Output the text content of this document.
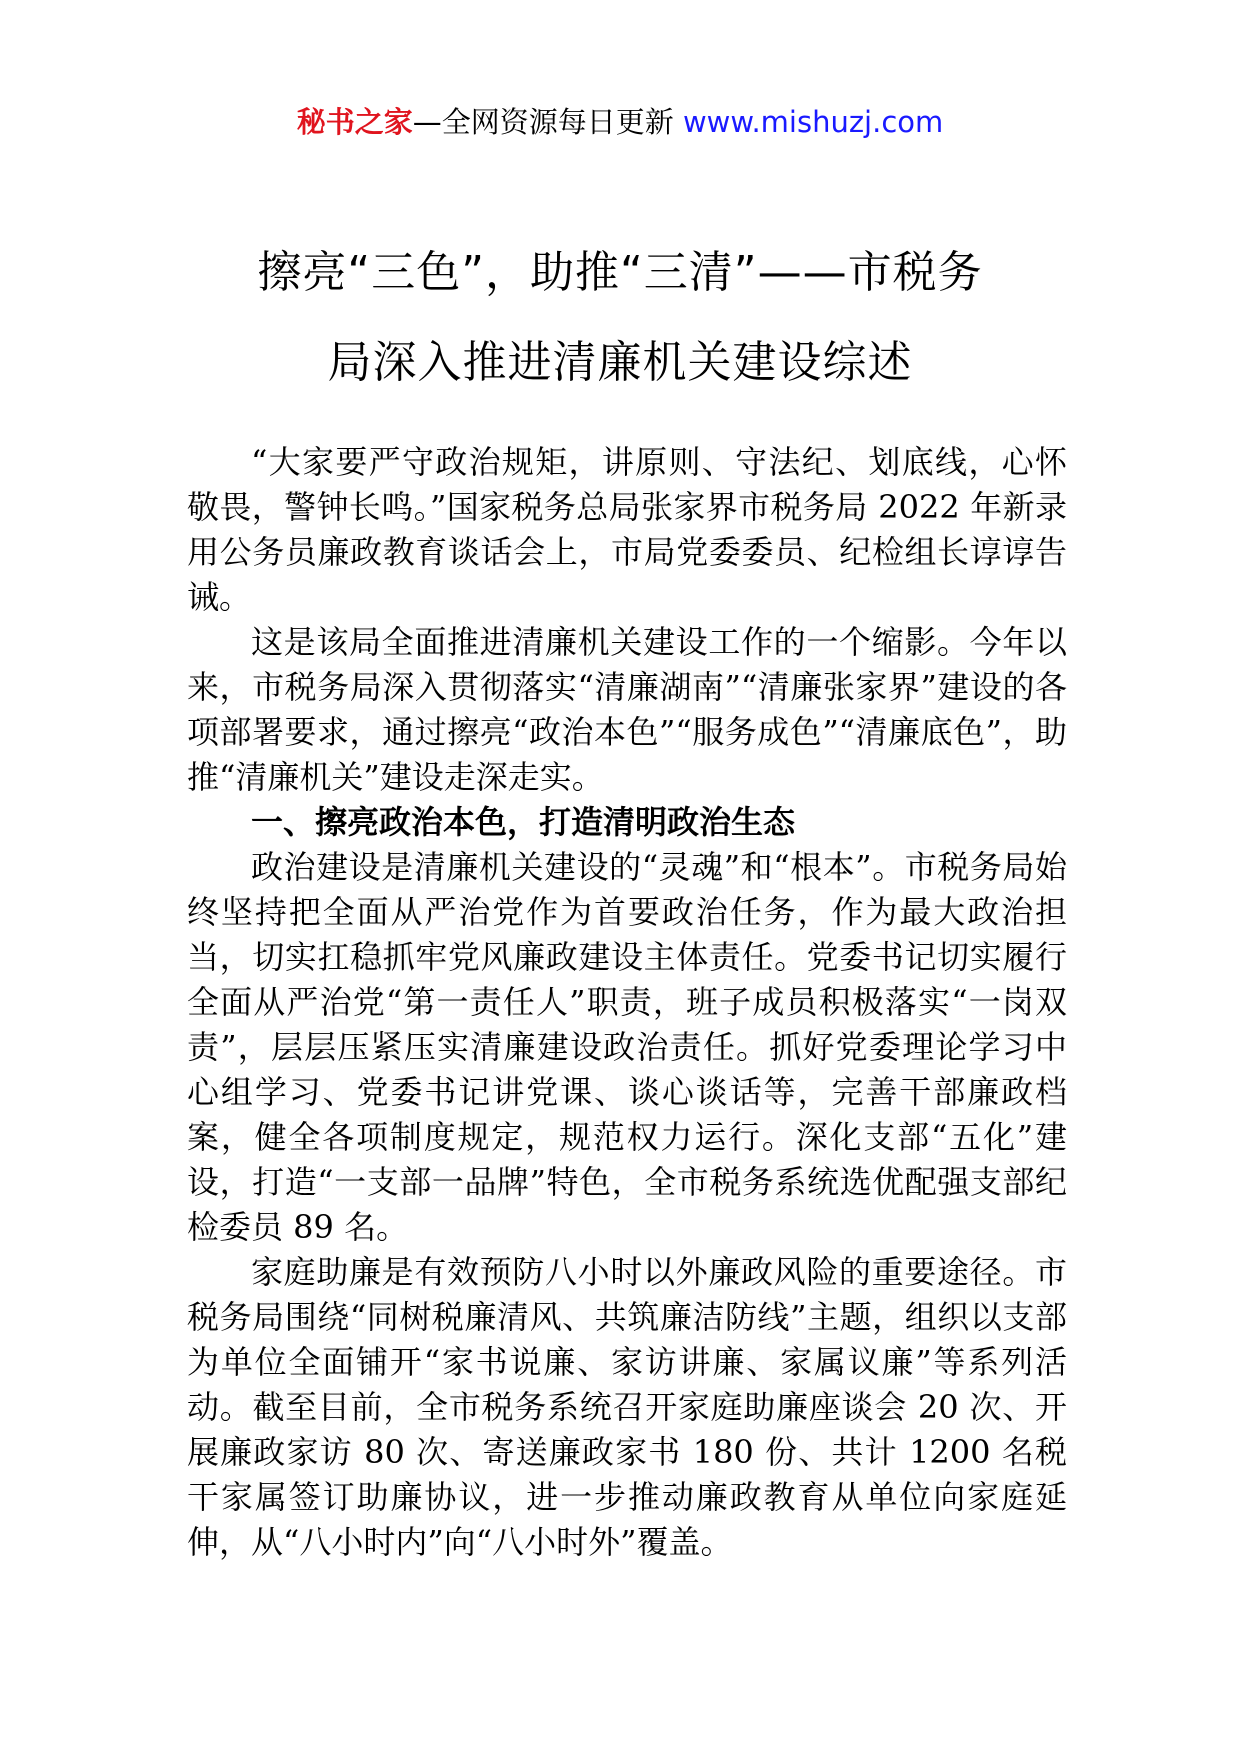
秘书之家—全网资源每日更新 www.mishuzj.com
擦亮“三色”，助推“三清”——市税务
局深入推进清廉机关建设综述

“大家要严守政治规矩，讲原则、守法纪、划底线，心怀敬畏，警钟长鸣。”国家税务总局张家界市税务局 2022 年新录用公务员廉政教育谈话会上，市局党委委员、纪检组长谆谆告诫。

这是该局全面推进清廉机关建设工作的一个缩影。今年以来，市税务局深入贯彻落实“清廉湖南”“清廉张家界”建设的各项部署要求，通过擦亮“政治本色”“服务成色”“清廉底色”，助推“清廉机关”建设走深走实。

一、擦亮政治本色，打造清明政治生态

政治建设是清廉机关建设的“灵魂”和“根本”。市税务局始终坚持把全面从严治党作为首要政治任务，作为最大政治担当，切实扛稳抓牢党风廉政建设主体责任。党委书记切实履行全面从严治党“第一责任人”职责，班子成员积极落实“一岗双责”，层层压紧压实清廉建设政治责任。抓好党委理论学习中心组学习、党委书记讲党课、谈心谈话等，完善干部廉政档案，健全各项制度规定，规范权力运行。深化支部“五化”建设，打造“一支部一品牌”特色，全市税务系统选优配强支部纪检委员 89 名。

家庭助廉是有效预防八小时以外廉政风险的重要途径。市税务局围绕“同树税廉清风、共筑廉洁防线”主题，组织以支部为单位全面铺开“家书说廉、家访讲廉、家属议廉”等系列活动。截至目前，全市税务系统召开家庭助廉座谈会 20 次、开展廉政家访 80 次、寄送廉政家书 180 份、共计 1200 名税干家属签订助廉协议，进一步推动廉政教育从单位向家庭延伸，从“八小时内”向“八小时外”覆盖。
